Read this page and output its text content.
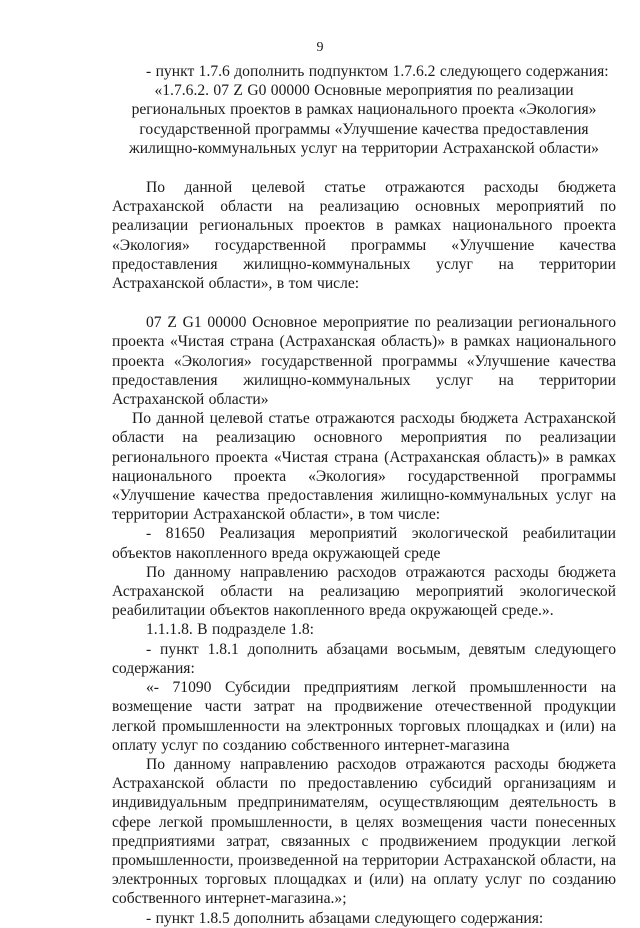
9

- пункт 1.7.6 дополнить подпунктом 1.7.6.2 следующего содержания:

«1.7.6.2. 07 Z G0 00000 Основные мероприятия по реализации региональных проектов в рамках национального проекта «Экология» государственной программы «Улучшение качества предоставления жилищно-коммунальных услуг на территории Астраханской области»

По данной целевой статье отражаются расходы бюджета Астраханской области на реализацию основных мероприятий по реализации региональных проектов в рамках национального проекта «Экология» государственной программы «Улучшение качества предоставления жилищно-коммунальных услуг на территории Астраханской области», в том числе:

07 Z G1 00000 Основное мероприятие по реализации регионального проекта «Чистая страна (Астраханская область)» в рамках национального проекта «Экология» государственной программы «Улучшение качества предоставления жилищно-коммунальных услуг на территории Астраханской области»

По данной целевой статье отражаются расходы бюджета Астраханской области на реализацию основного мероприятия по реализации регионального проекта «Чистая страна (Астраханская область)» в рамках национального проекта «Экология» государственной программы «Улучшение качества предоставления жилищно-коммунальных услуг на территории Астраханской области», в том числе:

- 81650 Реализация мероприятий экологической реабилитации объектов накопленного вреда окружающей среде

По данному направлению расходов отражаются расходы бюджета Астраханской области на реализацию мероприятий экологической реабилитации объектов накопленного вреда окружающей среде.».

1.1.1.8. В подразделе 1.8:

- пункт 1.8.1 дополнить абзацами восьмым, девятым следующего содержания:

«- 71090 Субсидии предприятиям легкой промышленности на возмещение части затрат на продвижение отечественной продукции легкой промышленности на электронных торговых площадках и (или) на оплату услуг по созданию собственного интернет-магазина

По данному направлению расходов отражаются расходы бюджета Астраханской области по предоставлению субсидий организациям и индивидуальным предпринимателям, осуществляющим деятельность в сфере легкой промышленности, в целях возмещения части понесенных предприятиями затрат, связанных с продвижением продукции легкой промышленности, произведенной на территории Астраханской области, на электронных торговых площадках и (или) на оплату услуг по созданию собственного интернет-магазина.»;

- пункт 1.8.5 дополнить абзацами следующего содержания:
